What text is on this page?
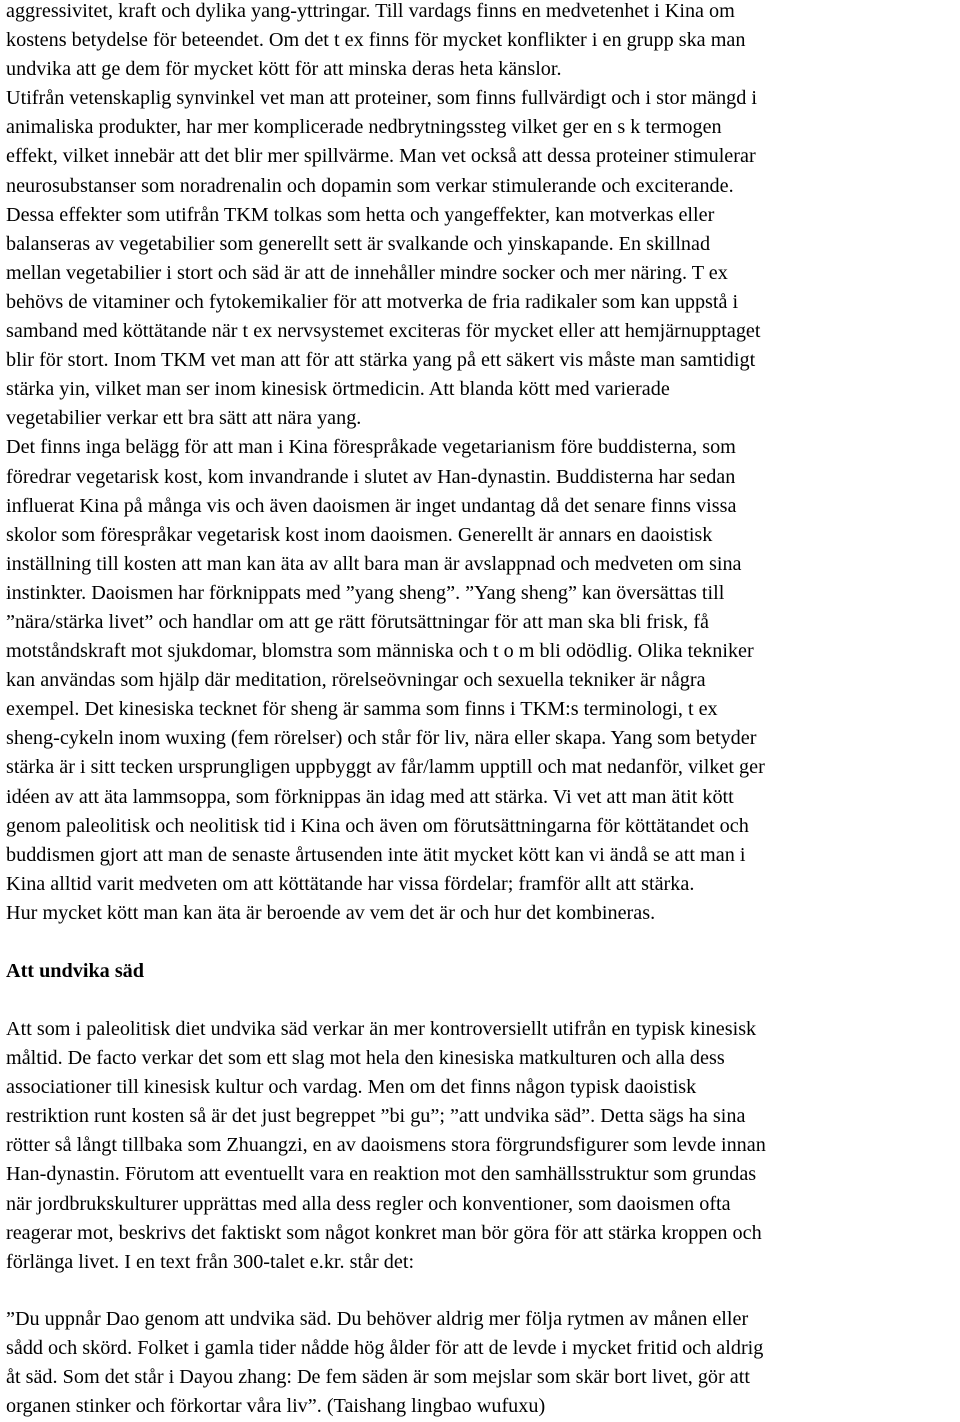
aggressivitet, kraft och dylika yang-yttringar. Till vardags finns en medvetenhet i Kina om
kostens betydelse för beteendet. Om det t ex finns för mycket konflikter i en grupp ska man
undvika att ge dem för mycket kött för att minska deras heta känslor.
Utifrån vetenskaplig synvinkel vet man att proteiner, som finns fullvärdigt och i stor mängd i
animaliska produkter, har mer komplicerade nedbrytningssteg vilket ger en s k termogen
effekt, vilket innebär att det blir mer spillvärme. Man vet också att dessa proteiner stimulerar
neurosubstanser som noradrenalin och dopamin som verkar stimulerande och exciterande.
Dessa effekter som utifrån TKM tolkas som hetta och yangeffekter, kan motverkas eller
balanseras av vegetabilier som generellt sett är svalkande och yinskapande. En skillnad
mellan vegetabilier i stort och säd är att de innehåller mindre socker och mer näring. T ex
behövs de vitaminer och fytokemikalier för att motverka de fria radikaler som kan uppstå i
samband med köttätande när t ex nervsystemet exciteras för mycket eller att hemjärnupptaget
blir för stort. Inom TKM vet man att för att stärka yang på ett säkert vis måste man samtidigt
stärka yin, vilket man ser inom kinesisk örtmedicin. Att blanda kött med varierade
vegetabilier verkar ett bra sätt att nära yang.
Det finns inga belägg för att man i Kina förespråkade vegetarianism före buddisterna, som
föredrar vegetarisk kost, kom invandrande i slutet av Han-dynastin. Buddisterna har sedan
influerat Kina på många vis och även daoismen är inget undantag då det senare finns vissa
skolor som förespråkar vegetarisk kost inom daoismen. Generellt är annars en daoistisk
inställning till kosten att man kan äta av allt bara man är avslappnad och medveten om sina
instinkter. Daoismen har förknippats med ”yang sheng”. ”Yang sheng” kan översättas till
”nära/stärka livet” och handlar om att ge rätt förutsättningar för att man ska bli frisk, få
motståndskraft mot sjukdomar, blomstra som människa och t o m bli odödlig. Olika tekniker
kan användas som hjälp där meditation, rörelseövningar och sexuella tekniker är några
exempel. Det kinesiska tecknet för sheng är samma som finns i TKM:s terminologi, t ex
sheng-cykeln inom wuxing (fem rörelser) och står för liv, nära eller skapa. Yang som betyder
stärka är i sitt tecken ursprungligen uppbyggt av får/lamm upptill och mat nedanför, vilket ger
idéen av att äta lammsoppa, som förknippas än idag med att stärka. Vi vet att man ätit kött
genom paleolitisk och neolitisk tid i Kina och även om förutsättningarna för köttätandet och
buddismen gjort att man de senaste årtusenden inte ätit mycket kött kan vi ändå se att man i
Kina alltid varit medveten om att köttätande har vissa fördelar; framför allt att stärka.
Hur mycket kött man kan äta är beroende av vem det är och hur det kombineras.
Att undvika säd
Att som i paleolitisk diet undvika säd verkar än mer kontroversiellt utifrån en typisk kinesisk
måltid. De facto verkar det som ett slag mot hela den kinesiska matkulturen och alla dess
associationer till kinesisk kultur och vardag. Men om det finns någon typisk daoistisk
restriktion runt kosten så är det just begreppet ”bi gu”; ”att undvika säd”. Detta sägs ha sina
rötter så långt tillbaka som Zhuangzi, en av daoismens stora förgrundsfigurer som levde innan
Han-dynastin. Förutom att eventuellt vara en reaktion mot den samhällsstruktur som grundas
när jordbrukskulturer upprättas med alla dess regler och konventioner, som daoismen ofta
reagerar mot, beskrivs det faktiskt som något konkret man bör göra för att stärka kroppen och
förlänga livet. I en text från 300-talet e.kr. står det:
”Du uppnår Dao genom att undvika säd. Du behöver aldrig mer följa rytmen av månen eller
sådd och skörd. Folket i gamla tider nådde hög ålder för att de levde i mycket fritid och aldrig
åt säd. Som det står i Dayou zhang: De fem säden är som mejslar som skär bort livet, gör att
organen stinker och förkortar våra liv”. (Taishang lingbao wufuxu)
